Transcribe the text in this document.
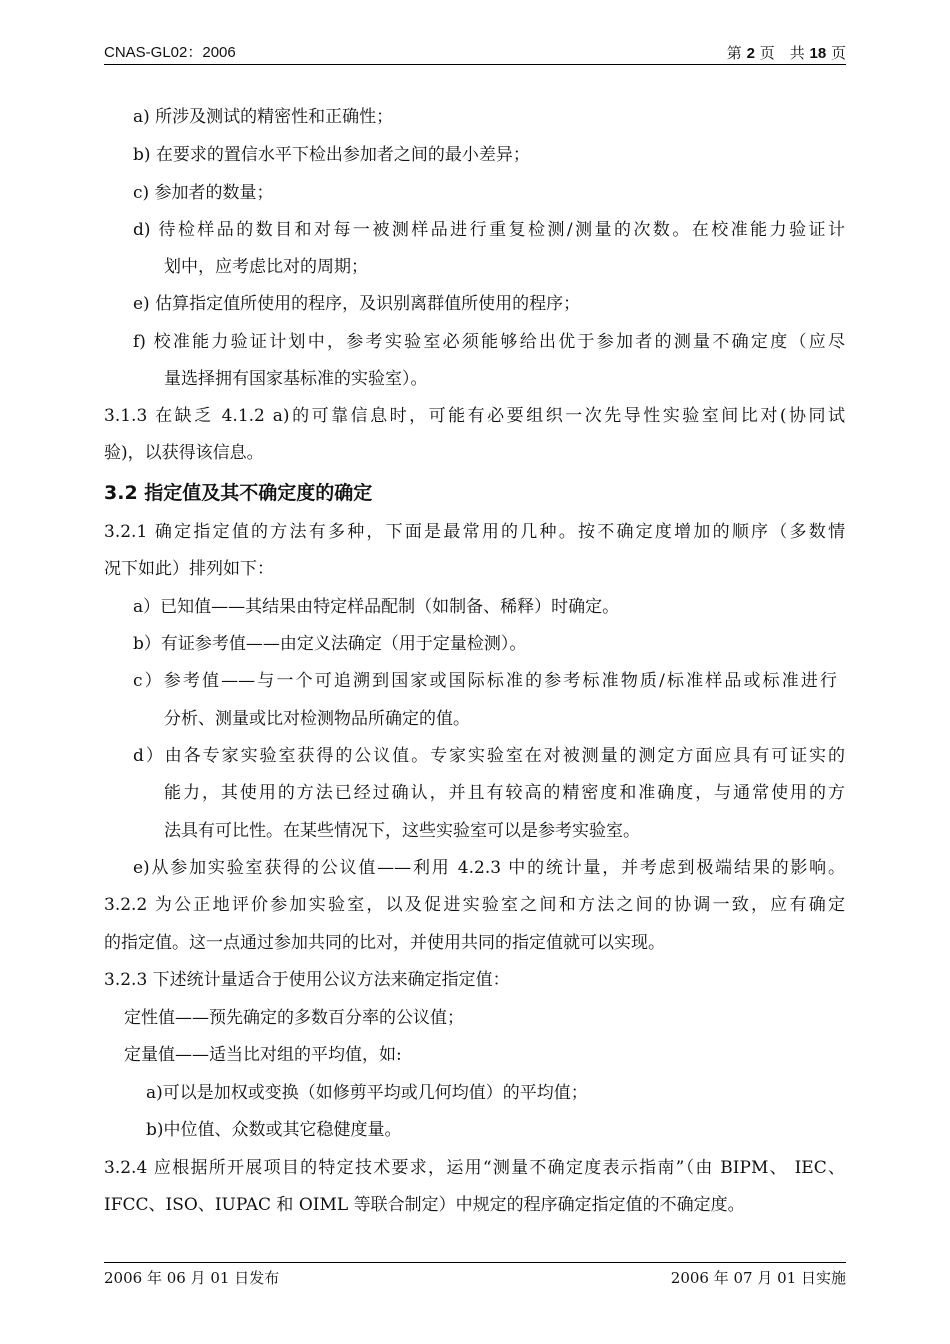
CNAS-GL02：2006	第 2 页　共 18 页
a) 所涉及测试的精密性和正确性；
b) 在要求的置信水平下检出参加者之间的最小差异；
c) 参加者的数量；
d) 待检样品的数目和对每一被测样品进行重复检测/测量的次数。在校准能力验证计
划中，应考虑比对的周期；
e) 估算指定值所使用的程序，及识别离群值所使用的程序；
f) 校准能力验证计划中，参考实验室必须能够给出优于参加者的测量不确定度（应尽
量选择拥有国家基标准的实验室）。
3.1.3 在缺乏 4.1.2 a)的可靠信息时，可能有必要组织一次先导性实验室间比对(协同试
验)，以获得该信息。
3.2 指定值及其不确定度的确定
3.2.1 确定指定值的方法有多种，下面是最常用的几种。按不确定度增加的顺序（多数情
况下如此）排列如下：
a）已知值——其结果由特定样品配制（如制备、稀释）时确定。
b）有证参考值——由定义法确定（用于定量检测）。
c）参考值——与一个可追溯到国家或国际标准的参考标准物质/标准样品或标准进行
分析、测量或比对检测物品所确定的值。
d）由各专家实验室获得的公议值。专家实验室在对被测量的测定方面应具有可证实的
能力，其使用的方法已经过确认，并且有较高的精密度和准确度，与通常使用的方
法具有可比性。在某些情况下，这些实验室可以是参考实验室。
e)从参加实验室获得的公议值——利用 4.2.3 中的统计量，并考虑到极端结果的影响。
3.2.2 为公正地评价参加实验室，以及促进实验室之间和方法之间的协调一致，应有确定
的指定值。这一点通过参加共同的比对，并使用共同的指定值就可以实现。
3.2.3 下述统计量适合于使用公议方法来确定指定值：
定性值——预先确定的多数百分率的公议值；
定量值——适当比对组的平均值，如:
a)可以是加权或变换（如修剪平均或几何均值）的平均值；
b)中位值、众数或其它稳健度量。
3.2.4 应根据所开展项目的特定技术要求，运用“测量不确定度表示指南”（由 BIPM、 IEC、
IFCC、ISO、IUPAC 和 OIML 等联合制定）中规定的程序确定指定值的不确定度。
2006 年 06 月 01 日发布	2006 年 07 月 01 日实施
